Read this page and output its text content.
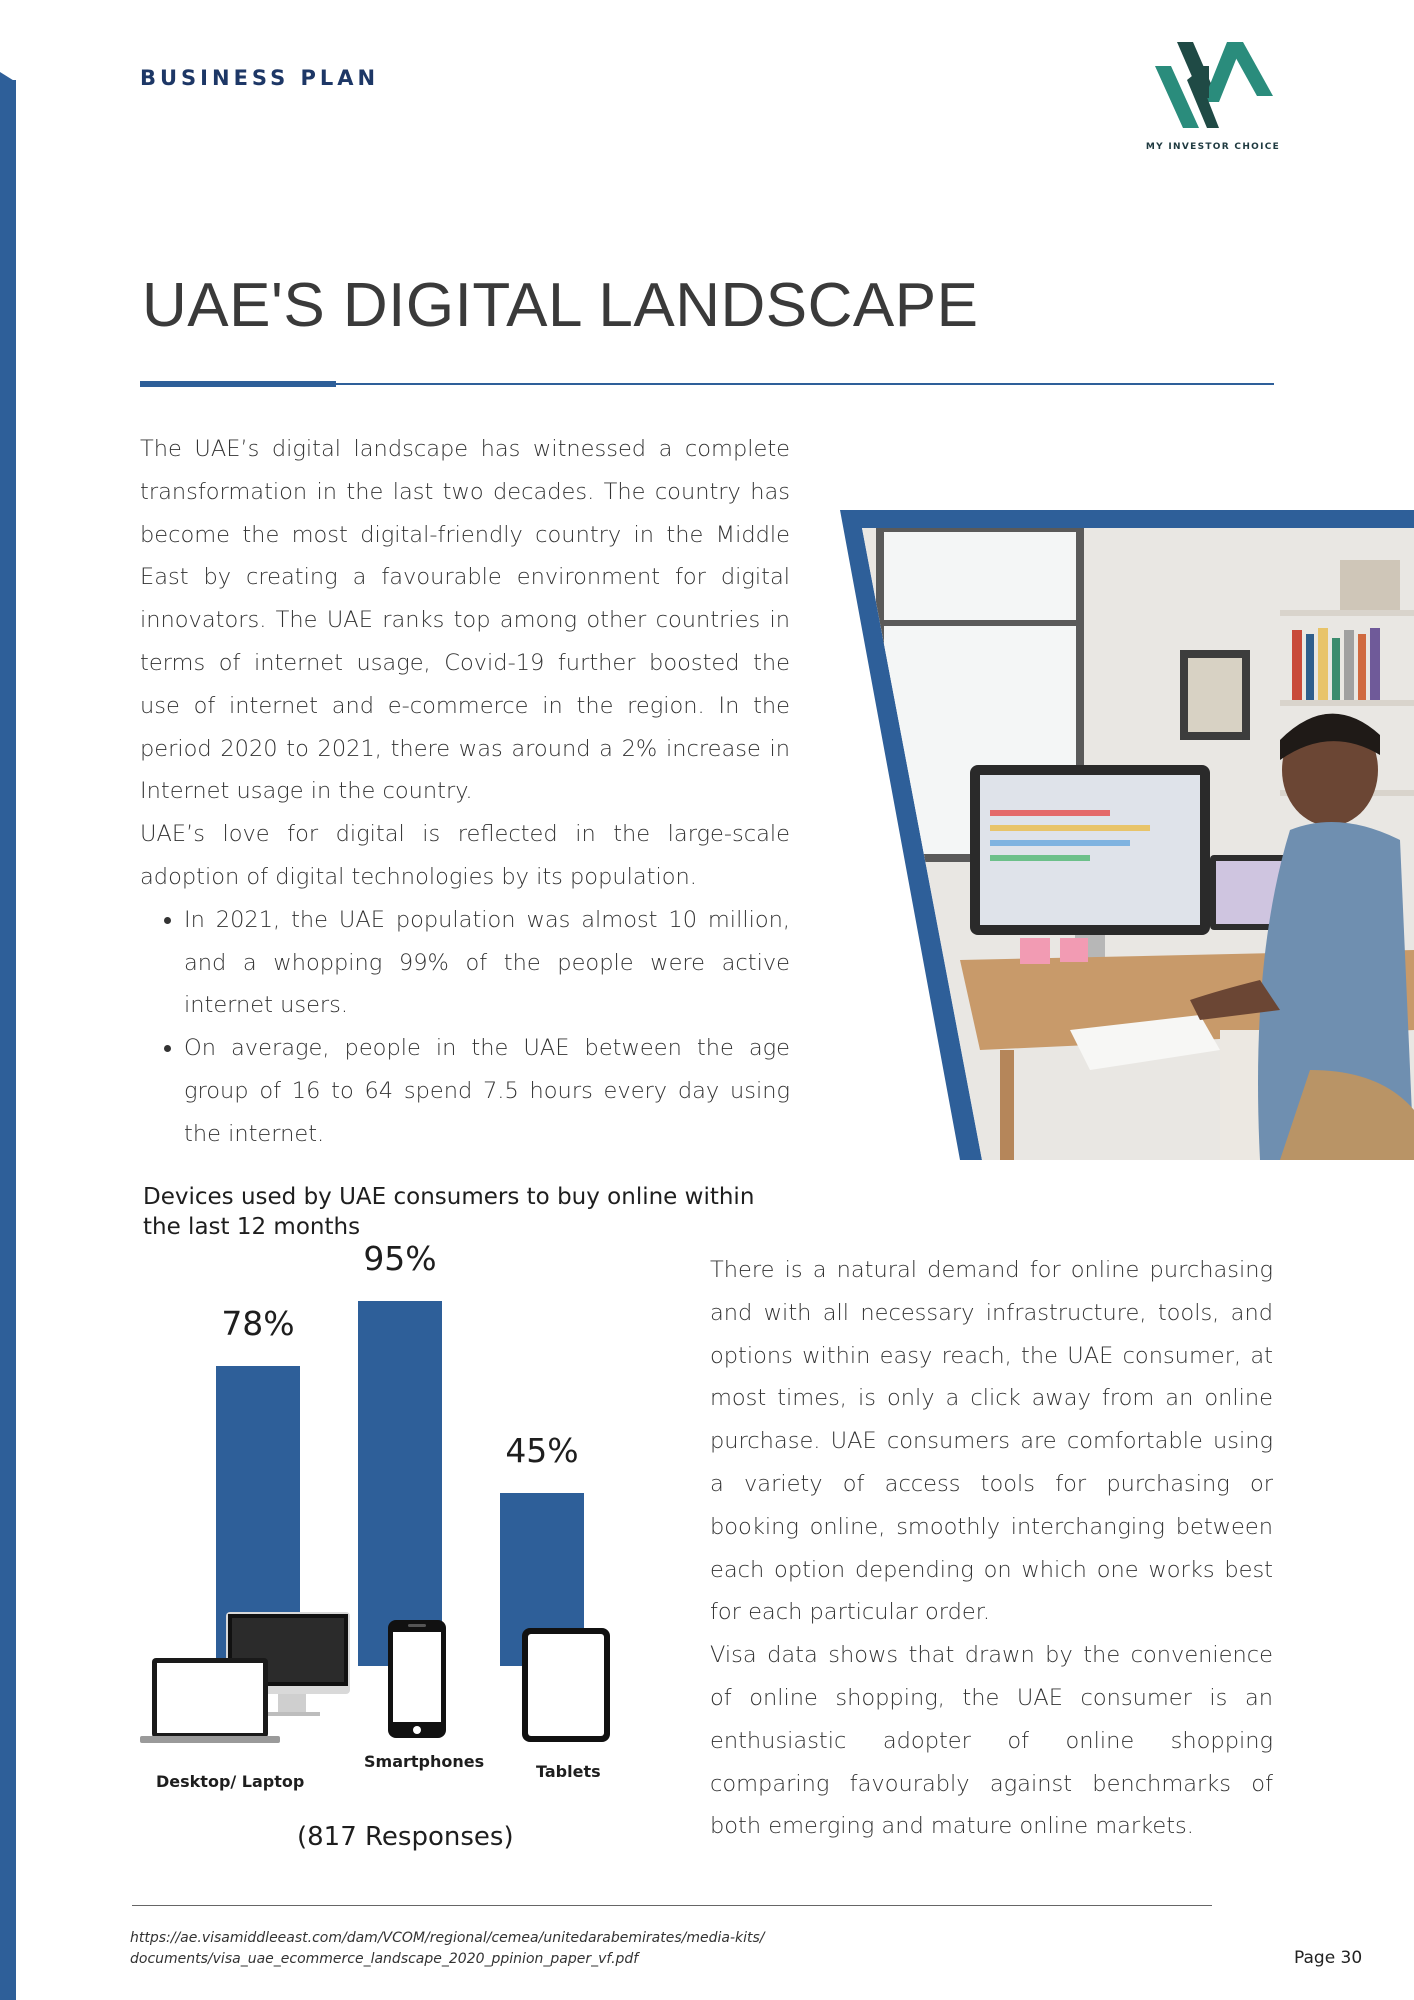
BUSINESS PLAN
MY INVESTOR CHOICE
UAE'S DIGITAL LANDSCAPE

The UAE’s digital landscape has witnessed a complete transformation in the last two decades. The country has become the most digital-friendly country in the Middle East by creating a favourable environment for digital innovators. The UAE ranks top among other countries in terms of internet usage, Covid-19 further boosted the use of internet and e-commerce in the region. In the period 2020 to 2021, there was around a 2% increase in Internet usage in the country.

UAE’s love for digital is reflected in the large-scale adoption of digital technologies by its population.

• In 2021, the UAE population was almost 10 million, and a whopping 99% of the people were active internet users.
• On average, people in the UAE between the age group of 16 to 64 spend 7.5 hours every day using the internet.
Devices used by UAE consumers to buy online within the last 12 months
78%
95%
45%
Desktop/ Laptop
Smartphones
Tablets
(817 Responses)

There is a natural demand for online purchasing and with all necessary infrastructure, tools, and options within easy reach, the UAE consumer, at most times, is only a click away from an online purchase. UAE consumers are comfortable using a variety of access tools for purchasing or booking online, smoothly interchanging between each option depending on which one works best for each particular order.

Visa data shows that drawn by the convenience of online shopping, the UAE consumer is an enthusiastic adopter of online shopping comparing favourably against benchmarks of both emerging and mature online markets.

https://ae.visamiddleeast.com/dam/VCOM/regional/cemea/unitedarabemirates/media-kits/documents/visa_uae_ecommerce_landscape_2020_ppinion_paper_vf.pdf	Page 30
